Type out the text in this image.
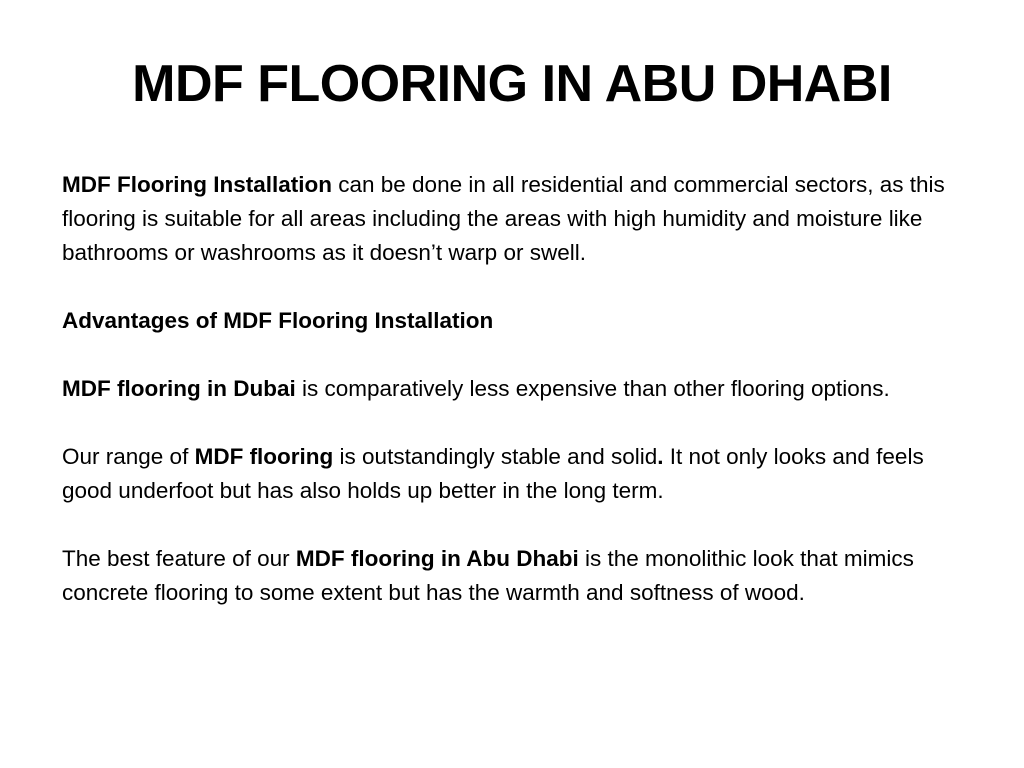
MDF FLOORING IN ABU DHABI

MDF Flooring Installation can be done in all residential and commercial sectors, as this flooring is suitable for all areas including the areas with high humidity and moisture like bathrooms or washrooms as it doesn’t warp or swell.

Advantages of MDF Flooring Installation

MDF flooring in Dubai is comparatively less expensive than other flooring options.

Our range of MDF flooring is outstandingly stable and solid. It not only looks and feels good underfoot but has also holds up better in the long term.

The best feature of our MDF flooring in Abu Dhabi is the monolithic look that mimics concrete flooring to some extent but has the warmth and softness of wood.
